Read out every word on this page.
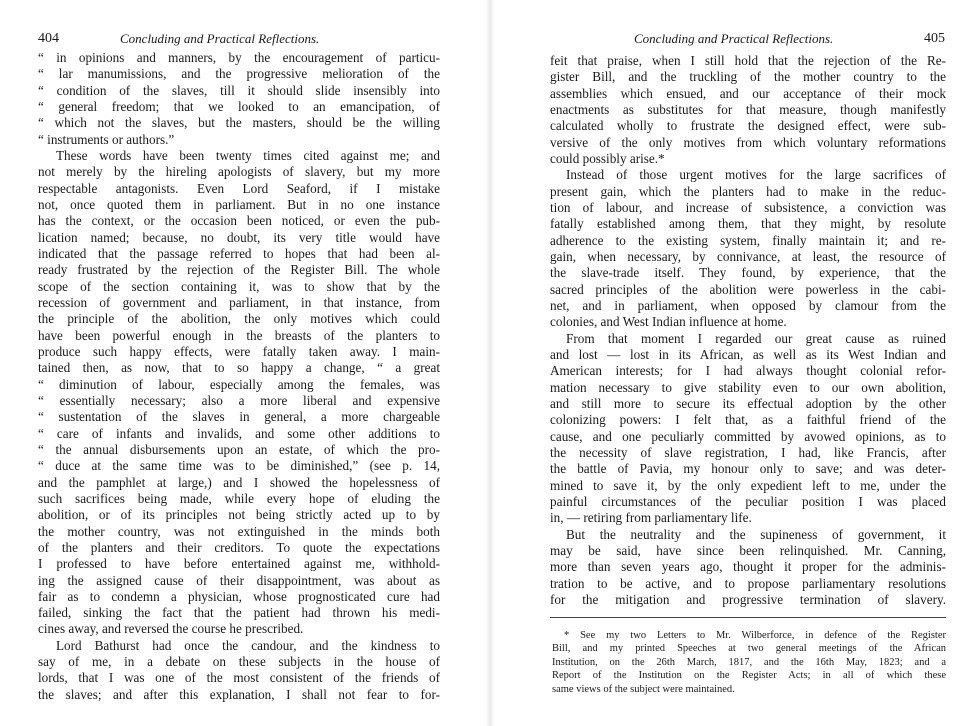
404	Concluding and Practical Reflections.
“ in opinions and manners, by the encouragement of particu-
“ lar manumissions, and the progressive melioration of the
“ condition of the slaves, till it should slide insensibly into
“ general freedom; that we looked to an emancipation, of
“ which not the slaves, but the masters, should be the willing
“ instruments or authors.”
These words have been twenty times cited against me; and
not merely by the hireling apologists of slavery, but my more
respectable antagonists. Even Lord Seaford, if I mistake
not, once quoted them in parliament. But in no one instance
has the context, or the occasion been noticed, or even the pub-
lication named; because, no doubt, its very title would have
indicated that the passage referred to hopes that had been al-
ready frustrated by the rejection of the Register Bill. The whole
scope of the section containing it, was to show that by the
recession of government and parliament, in that instance, from
the principle of the abolition, the only motives which could
have been powerful enough in the breasts of the planters to
produce such happy effects, were fatally taken away. I main-
tained then, as now, that to so happy a change, “ a great
“ diminution of labour, especially among the females, was
“ essentially necessary; also a more liberal and expensive
“ sustentation of the slaves in general, a more chargeable
“ care of infants and invalids, and some other additions to
“ the annual disbursements upon an estate, of which the pro-
“ duce at the same time was to be diminished,” (see p. 14,
and the pamphlet at large,) and I showed the hopelessness of
such sacrifices being made, while every hope of eluding the
abolition, or of its principles not being strictly acted up to by
the mother country, was not extinguished in the minds both
of the planters and their creditors. To quote the expectations
I professed to have before entertained against me, withhold-
ing the assigned cause of their disappointment, was about as
fair as to condemn a physician, whose prognosticated cure had
failed, sinking the fact that the patient had thrown his medi-
cines away, and reversed the course he prescribed.
Lord Bathurst had once the candour, and the kindness to
say of me, in a debate on these subjects in the house of
lords, that I was one of the most consistent of the friends of
the slaves; and after this explanation, I shall not fear to for-
Concluding and Practical Reflections.	405
feit that praise, when I still hold that the rejection of the Re-
gister Bill, and the truckling of the mother country to the
assemblies which ensued, and our acceptance of their mock
enactments as substitutes for that measure, though manifestly
calculated wholly to frustrate the designed effect, were sub-
versive of the only motives from which voluntary reformations
could possibly arise.*
Instead of those urgent motives for the large sacrifices of
present gain, which the planters had to make in the reduc-
tion of labour, and increase of subsistence, a conviction was
fatally established among them, that they might, by resolute
adherence to the existing system, finally maintain it; and re-
gain, when necessary, by connivance, at least, the resource of
the slave-trade itself. They found, by experience, that the
sacred principles of the abolition were powerless in the cabi-
net, and in parliament, when opposed by clamour from the
colonies, and West Indian influence at home.
From that moment I regarded our great cause as ruined
and lost — lost in its African, as well as its West Indian and
American interests; for I had always thought colonial refor-
mation necessary to give stability even to our own abolition,
and still more to secure its effectual adoption by the other
colonizing powers: I felt that, as a faithful friend of the
cause, and one peculiarly committed by avowed opinions, as to
the necessity of slave registration, I had, like Francis, after
the battle of Pavia, my honour only to save; and was deter-
mined to save it, by the only expedient left to me, under the
painful circumstances of the peculiar position I was placed
in, — retiring from parliamentary life.
But the neutrality and the supineness of government, it
may be said, have since been relinquished. Mr. Canning,
more than seven years ago, thought it proper for the adminis-
tration to be active, and to propose parliamentary resolutions
for the mitigation and progressive termination of slavery.
* See my two Letters to Mr. Wilberforce, in defence of the Register
Bill, and my printed Speeches at two general meetings of the African
Institution, on the 26th March, 1817, and the 16th May, 1823; and a
Report of the Institution on the Register Acts; in all of which these
same views of the subject were maintained.
